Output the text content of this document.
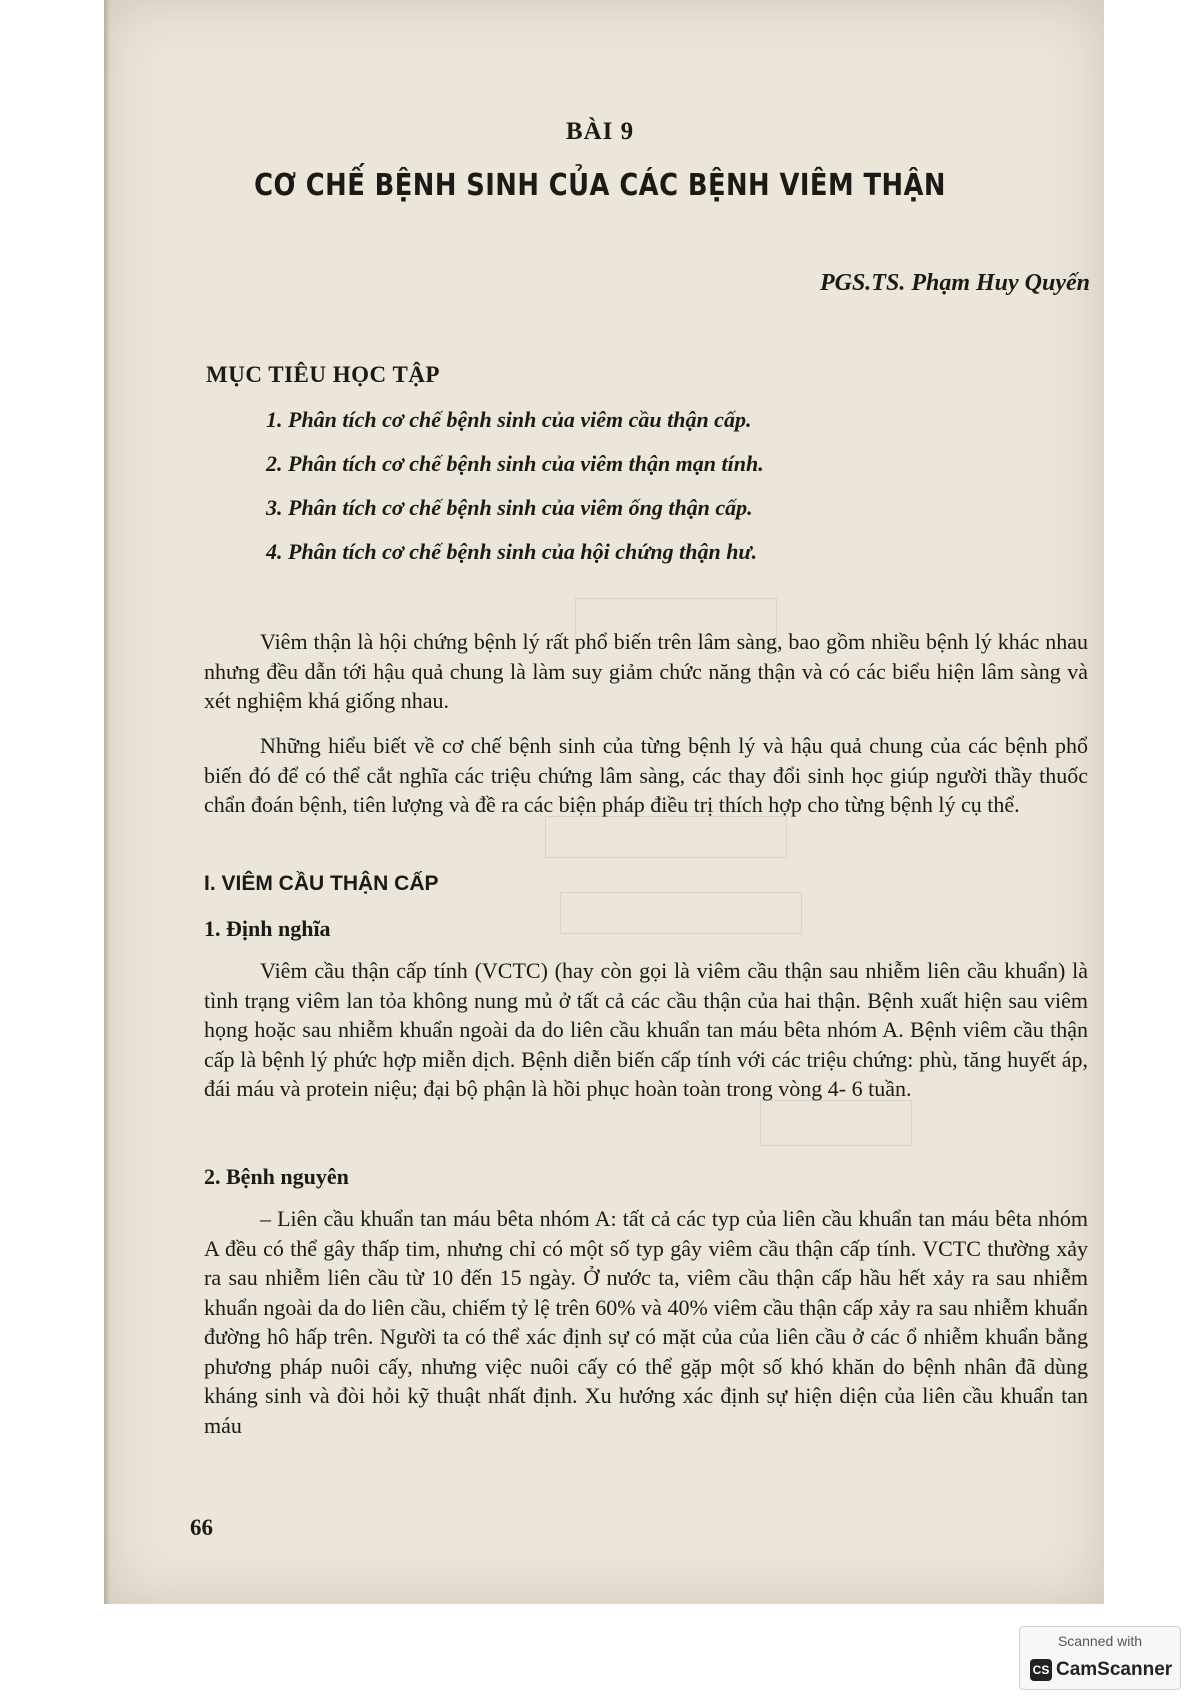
BÀI 9
CƠ CHẾ BỆNH SINH CỦA CÁC BỆNH VIÊM THẬN
PGS.TS. Phạm Huy Quyến
MỤC TIÊU HỌC TẬP
1. Phân tích cơ chế bệnh sinh của viêm cầu thận cấp.
2. Phân tích cơ chế bệnh sinh của viêm thận mạn tính.
3. Phân tích cơ chế bệnh sinh của viêm ống thận cấp.
4. Phân tích cơ chế bệnh sinh của hội chứng thận hư.

Viêm thận là hội chứng bệnh lý rất phổ biến trên lâm sàng, bao gồm nhiều bệnh lý khác nhau nhưng đều dẫn tới hậu quả chung là làm suy giảm chức năng thận và có các biểu hiện lâm sàng và xét nghiệm khá giống nhau.

Những hiểu biết về cơ chế bệnh sinh của từng bệnh lý và hậu quả chung của các bệnh phổ biến đó để có thể cắt nghĩa các triệu chứng lâm sàng, các thay đổi sinh học giúp người thầy thuốc chẩn đoán bệnh, tiên lượng và đề ra các biện pháp điều trị thích hợp cho từng bệnh lý cụ thể.

I. VIÊM CẦU THẬN CẤP
1. Định nghĩa

Viêm cầu thận cấp tính (VCTC) (hay còn gọi là viêm cầu thận sau nhiễm liên cầu khuẩn) là tình trạng viêm lan tỏa không nung mủ ở tất cả các cầu thận của hai thận. Bệnh xuất hiện sau viêm họng hoặc sau nhiễm khuẩn ngoài da do liên cầu khuẩn tan máu bêta nhóm A. Bệnh viêm cầu thận cấp là bệnh lý phức hợp miễn dịch. Bệnh diễn biến cấp tính với các triệu chứng: phù, tăng huyết áp, đái máu và protein niệu; đại bộ phận là hồi phục hoàn toàn trong vòng 4- 6 tuần.

2. Bệnh nguyên

– Liên cầu khuẩn tan máu bêta nhóm A: tất cả các typ của liên cầu khuẩn tan máu bêta nhóm A đều có thể gây thấp tim, nhưng chỉ có một số typ gây viêm cầu thận cấp tính. VCTC thường xảy ra sau nhiễm liên cầu từ 10 đến 15 ngày. Ở nước ta, viêm cầu thận cấp hầu hết xảy ra sau nhiễm khuẩn ngoài da do liên cầu, chiếm tỷ lệ trên 60% và 40% viêm cầu thận cấp xảy ra sau nhiễm khuẩn đường hô hấp trên. Người ta có thể xác định sự có mặt của của liên cầu ở các ổ nhiễm khuẩn bằng phương pháp nuôi cấy, nhưng việc nuôi cấy có thể gặp một số khó khăn do bệnh nhân đã dùng kháng sinh và đòi hỏi kỹ thuật nhất định. Xu hướng xác định sự hiện diện của liên cầu khuẩn tan máu

66
Scanned with
CS CamScanner
